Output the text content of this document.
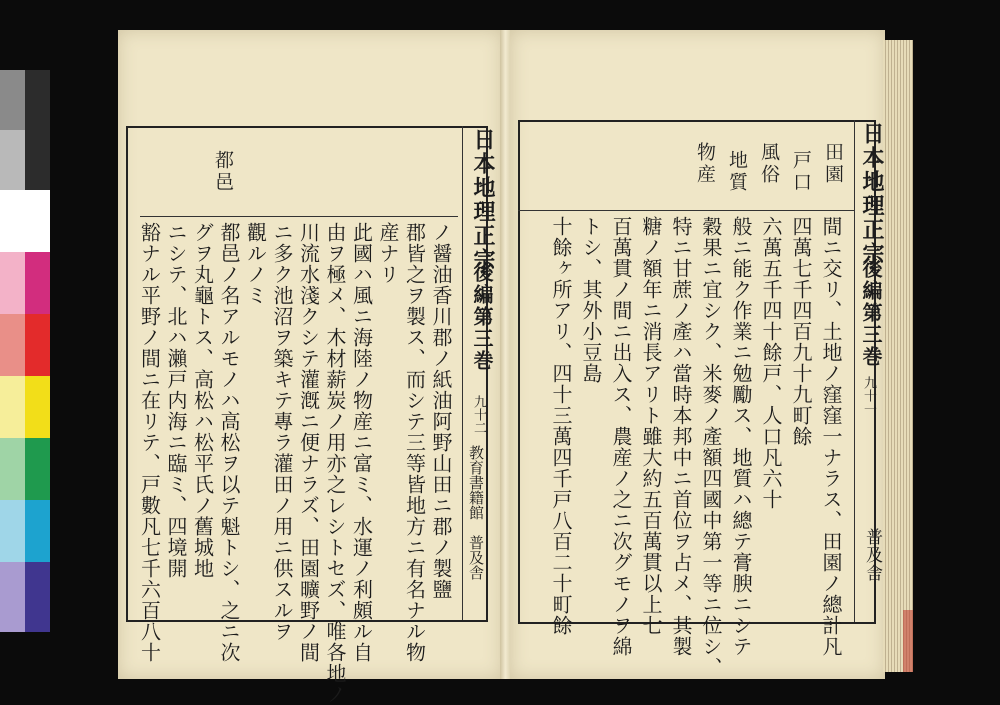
日本地理正宗
後編第三巻
九十二
教育書籍館　普及舎
都邑
ノ醤油香川郡ノ紙油阿野山田ニ郡ノ製鹽
郡皆之ヲ製ス、而シテ三等皆地方ニ有名ナル物
産ナリ
此國ハ風ニ海陸ノ物産ニ富ミ、水運ノ利頗ル自
由ヲ極メ、木材薪炭ノ用亦之レシトセズ、唯各地ノ
川流水淺クシテ灌漑ニ便ナラズ、田園曠野ノ間
ニ多ク池沼ヲ築キテ專ラ灌田ノ用ニ供スルヲ
觀ルノミ
都邑ノ名アルモノハ高松ヲ以テ魁トシ、之ニ次
グヲ丸龜トス、高松ハ松平氏ノ舊城地
ニシテ、北ハ瀨戸内海ニ臨ミ、四境開
豁ナル平野ノ間ニ在リテ、戸數凡七千六百八十
日本地理正宗
後編第三巻
九十一
普及舎
田園
戸口
風俗
地質
物産
間ニ交リ、土地ノ窪窪一ナラス、田園ノ總計凡
四萬七千四百九十九町餘
六萬五千四十餘戸、人口凡六十
般ニ能ク作業ニ勉勵ス、地質ハ總テ膏腴ニシテ
穀果ニ宜シク、米麥ノ產額四國中第一等ニ位シ、
特ニ甘蔗ノ產ハ當時本邦中ニ首位ヲ占メ、其製
糖ノ額年ニ消長アリト雖大約五百萬貫以上七
百萬貫ノ間ニ出入ス、農産ノ之ニ次グモノヲ綿
トシ、其外小豆島
十餘ヶ所アリ、四十三萬四千戸八百二十町餘
